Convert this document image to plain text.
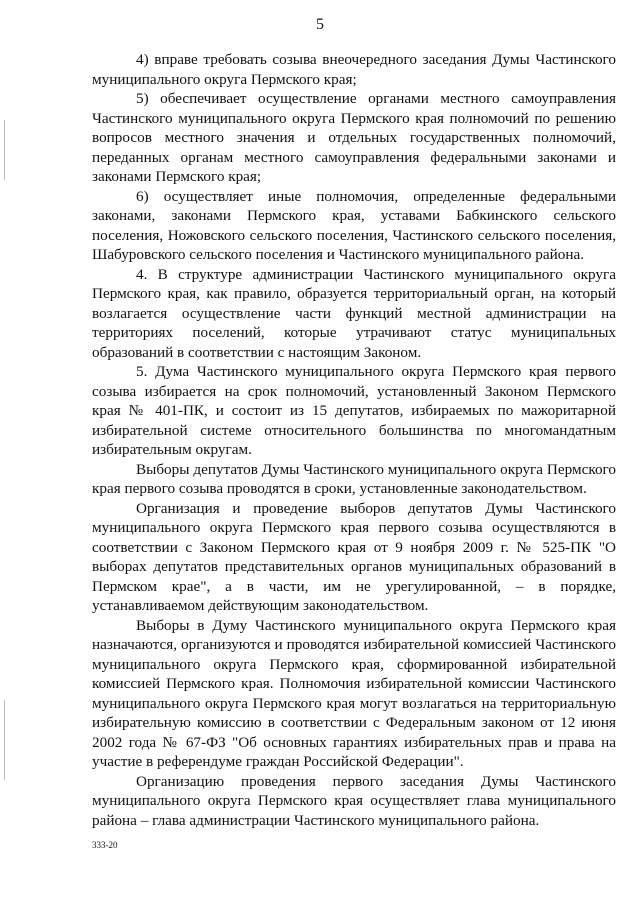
5

4) вправе требовать созыва внеочередного заседания Думы Частинского муниципального округа Пермского края;

5) обеспечивает осуществление органами местного самоуправления Частинского муниципального округа Пермского края полномочий по решению вопросов местного значения и отдельных государственных полномочий, переданных органам местного самоуправления федеральными законами и законами Пермского края;

6) осуществляет иные полномочия, определенные федеральными законами, законами Пермского края, уставами Бабкинского сельского поселения, Ножовского сельского поселения, Частинского сельского поселения, Шабуровского сельского поселения и Частинского муниципального района.

4. В структуре администрации Частинского муниципального округа Пермского края, как правило, образуется территориальный орган, на который возлагается осуществление части функций местной администрации на территориях поселений, которые утрачивают статус муниципальных образований в соответствии с настоящим Законом.

5. Дума Частинского муниципального округа Пермского края первого созыва избирается на срок полномочий, установленный Законом Пермского края № 401-ПК, и состоит из 15 депутатов, избираемых по мажоритарной избирательной системе относительного большинства по многомандатным избирательным округам.

Выборы депутатов Думы Частинского муниципального округа Пермского края первого созыва проводятся в сроки, установленные законодательством.

Организация и проведение выборов депутатов Думы Частинского муниципального округа Пермского края первого созыва осуществляются в соответствии с Законом Пермского края от 9 ноября 2009 г. № 525-ПК "О выборах депутатов представительных органов муниципальных образований в Пермском крае", а в части, им не урегулированной, – в порядке, устанавливаемом действующим законодательством.

Выборы в Думу Частинского муниципального округа Пермского края назначаются, организуются и проводятся избирательной комиссией Частинского муниципального округа Пермского края, сформированной избирательной комиссией Пермского края. Полномочия избирательной комиссии Частинского муниципального округа Пермского края могут возлагаться на территориальную избирательную комиссию в соответствии с Федеральным законом от 12 июня 2002 года № 67-ФЗ "Об основных гарантиях избирательных прав и права на участие в референдуме граждан Российской Федерации".

Организацию проведения первого заседания Думы Частинского муниципального округа Пермского края осуществляет глава муниципального района – глава администрации Частинского муниципального района.

333-20
